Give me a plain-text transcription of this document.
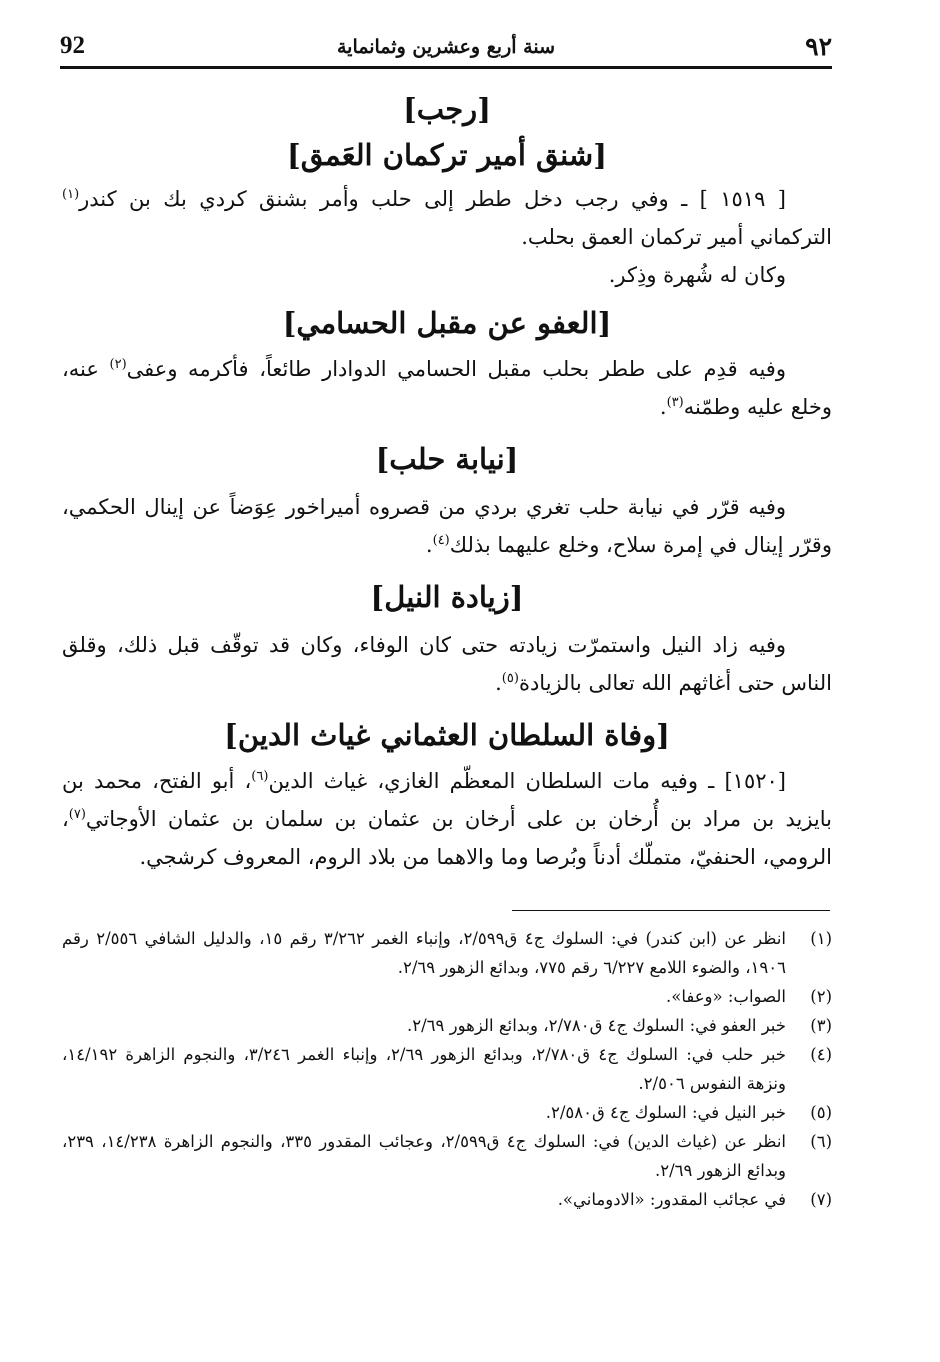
92	سنة أربع وعشرين وثمانماية	٩٢
[رجب]
[شنق أمير تركمان العَمق]

[ ١٥١٩ ] ـ وفي رجب دخل ططر إلى حلب وأمر بشنق كردي بك بن كندر$^{(١)}$ التركماني أمير تركمان العمق بحلب.

وكان له شُهرة وذِكر.

[العفو عن مقبل الحسامي]

وفيه قدِم على ططر بحلب مقبل الحسامي الدوادار طائعاً، فأكرمه وعفى$^{(٢)}$ عنه، وخلع عليه وطمّنه$^{(٣)}$.

[نيابة حلب]

وفيه قرّر في نيابة حلب تغري بردي من قصروه أميراخور عِوَضاً عن إينال الحكمي، وقرّر إينال في إمرة سلاح، وخلع عليهما بذلك$^{(٤)}$.

[زيادة النيل]

وفيه زاد النيل واستمرّت زيادته حتى كان الوفاء، وكان قد توقّف قبل ذلك، وقلق الناس حتى أغاثهم الله تعالى بالزيادة$^{(٥)}$.

[وفاة السلطان العثماني غياث الدين]

[١٥٢٠] ـ وفيه مات السلطان المعظّم الغازي، غياث الدين$^{(٦)}$، أبو الفتح، محمد بن بايزيد بن مراد بن أُرخان بن على أرخان بن عثمان بن سلمان بن عثمان الأوجاتي$^{(٧)}$، الرومي، الحنفيّ، متملّك أدناً وبُرصا وما والاهما من بلاد الروم، المعروف كرشجي.

(١)
انظر عن (ابن كندر) في: السلوك ج٤ ق٢/٥٩٩، وإنباء الغمر ٣/٢٦٢ رقم ١٥، والدليل الشافي ٢/٥٥٦ رقم ١٩٠٦، والضوء اللامع ٦/٢٢٧ رقم ٧٧٥، وبدائع الزهور ٢/٦٩.
(٢)
الصواب: «وعفا».
(٣)
خبر العفو في: السلوك ج٤ ق٢/٧٨٠، وبدائع الزهور ٢/٦٩.
(٤)
خبر حلب في: السلوك ج٤ ق٢/٧٨٠، وبدائع الزهور ٢/٦٩، وإنباء الغمر ٣/٢٤٦، والنجوم الزاهرة ١٤/١٩٢، ونزهة النفوس ٢/٥٠٦.
(٥)
خبر النيل في: السلوك ج٤ ق٢/٥٨٠.
(٦)
انظر عن (غياث الدين) في: السلوك ج٤ ق٢/٥٩٩، وعجائب المقدور ٣٣٥، والنجوم الزاهرة ١٤/٢٣٨، ٢٣٩، وبدائع الزهور ٢/٦٩.
(٧)
في عجائب المقدور: «الادوماني».
